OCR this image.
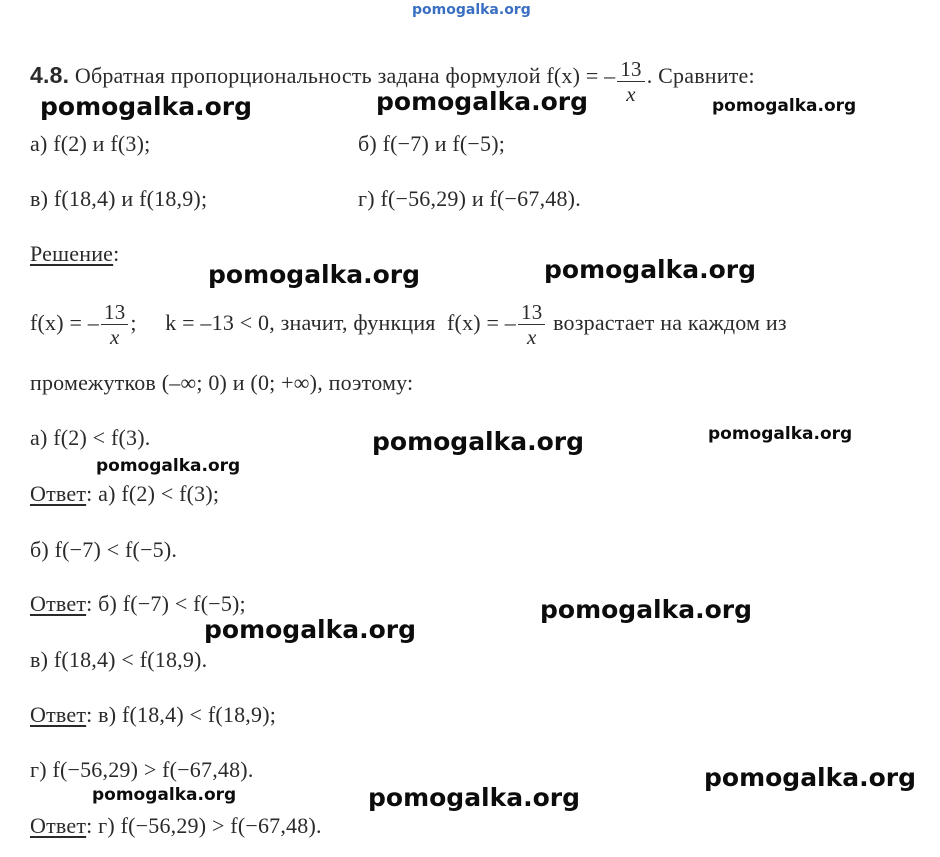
pomogalka.org
4.8. Обратная пропорциональность задана формулой f(x) = – $\frac{13}{x}$ . Сравните:
а) f(2) и f(3);	б) f(−7) и f(−5);
в) f(18,4) и f(18,9);	г) f(−56,29) и f(−67,48).
Решение:
f(x) = – $\frac{13}{x}$ ;     k = –13 < 0, значит, функция  f(x) = – $\frac{13}{x}$ возрастает на каждом из
промежутков (–∞; 0) и (0; +∞), поэтому:
а) f(2) < f(3).
Ответ: а) f(2) < f(3);
б) f(−7) < f(−5).
Ответ: б) f(−7) < f(−5);
в) f(18,4) < f(18,9).
Ответ: в) f(18,4) < f(18,9);
г) f(−56,29) > f(−67,48).
Ответ: г) f(−56,29) > f(−67,48).
pomogalka.org	pomogalka.org	pomogalka.org
pomogalka.org	pomogalka.org
pomogalka.org	pomogalka.org
pomogalka.org
pomogalka.org
pomogalka.org
pomogalka.org
pomogalka.org	pomogalka.org
